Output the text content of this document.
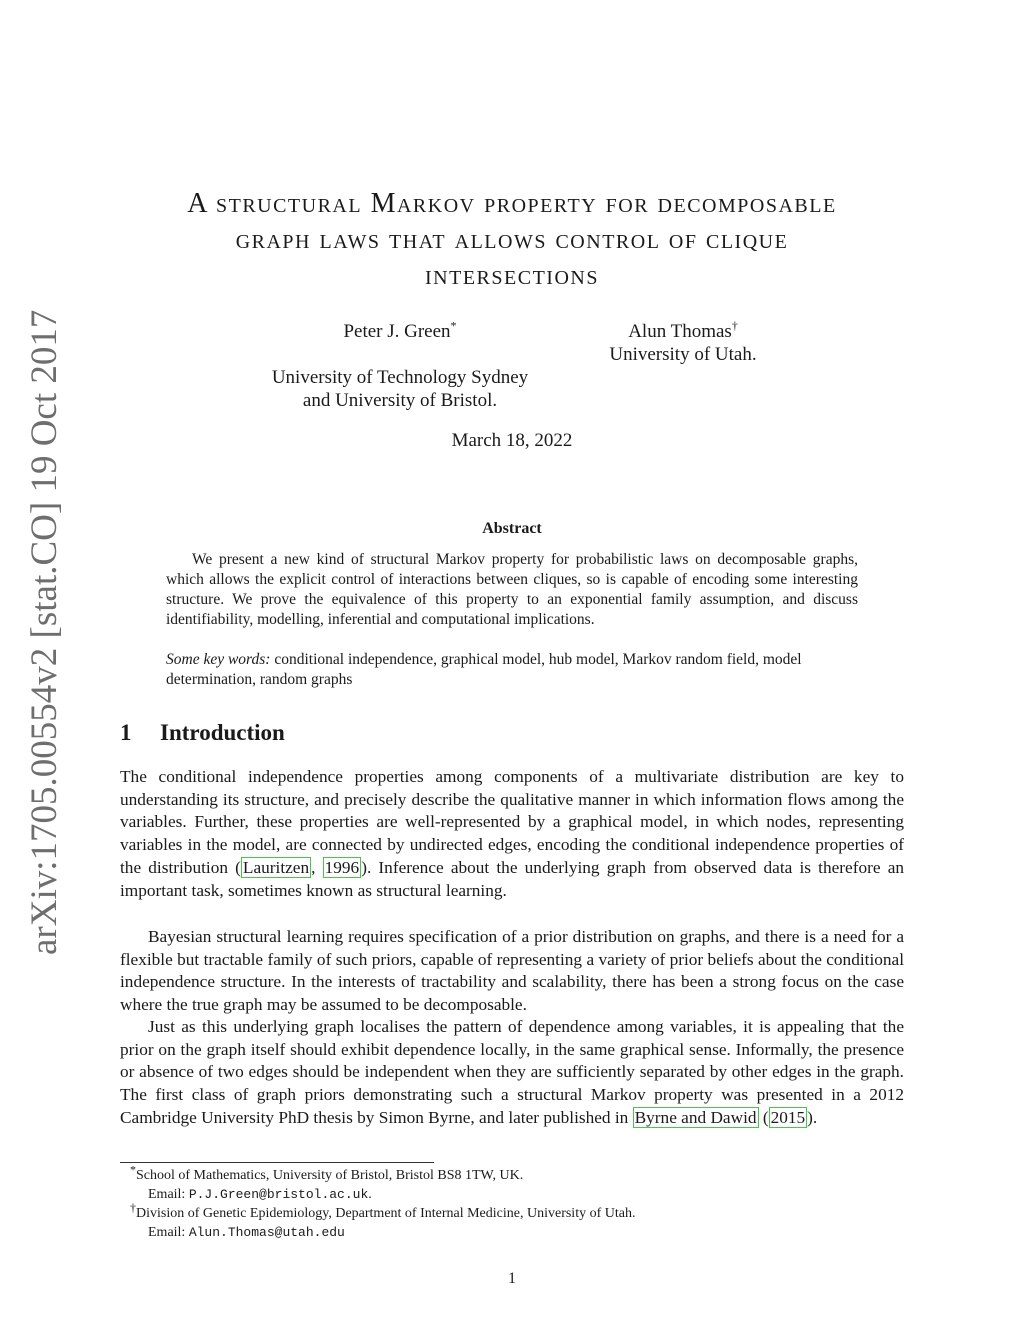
arXiv:1705.00554v2 [stat.CO] 19 Oct 2017
A structural Markov property for decomposable
graph laws that allows control of clique
intersections
Peter J. Green*
University of Technology Sydney
and University of Bristol.
Alun Thomas†
University of Utah.
March 18, 2022
Abstract
We present a new kind of structural Markov property for probabilistic laws on decomposable graphs, which allows the explicit control of interactions between cliques, so is capable of encoding some interesting structure. We prove the equivalence of this property to an exponential family assumption, and discuss identifiability, modelling, inferential and computational implications.
Some key words: conditional independence, graphical model, hub model, Markov random field, model determination, random graphs
1 Introduction
The conditional independence properties among components of a multivariate distribution are key to understanding its structure, and precisely describe the qualitative manner in which information flows among the variables. Further, these properties are well-represented by a graphical model, in which nodes, representing variables in the model, are connected by undirected edges, encoding the conditional independence properties of the distribution ( Lauritzen , 1996 ). Inference about the underlying graph from observed data is therefore an important task, sometimes known as structural learning.
Bayesian structural learning requires specification of a prior distribution on graphs, and there is a need for a flexible but tractable family of such priors, capable of representing a variety of prior beliefs about the conditional independence structure. In the interests of tractability and scalability, there has been a strong focus on the case where the true graph may be assumed to be decomposable.
Just as this underlying graph localises the pattern of dependence among variables, it is appealing that the prior on the graph itself should exhibit dependence locally, in the same graphical sense. Informally, the presence or absence of two edges should be independent when they are sufficiently separated by other edges in the graph. The first class of graph priors demonstrating such a structural Markov property was presented in a 2012 Cambridge University PhD thesis by Simon Byrne, and later published in Byrne and Dawid ( 2015 ).
*School of Mathematics, University of Bristol, Bristol BS8 1TW, UK.
Email: P.J.Green@bristol.ac.uk.
†Division of Genetic Epidemiology, Department of Internal Medicine, University of Utah.
Email: Alun.Thomas@utah.edu
1
